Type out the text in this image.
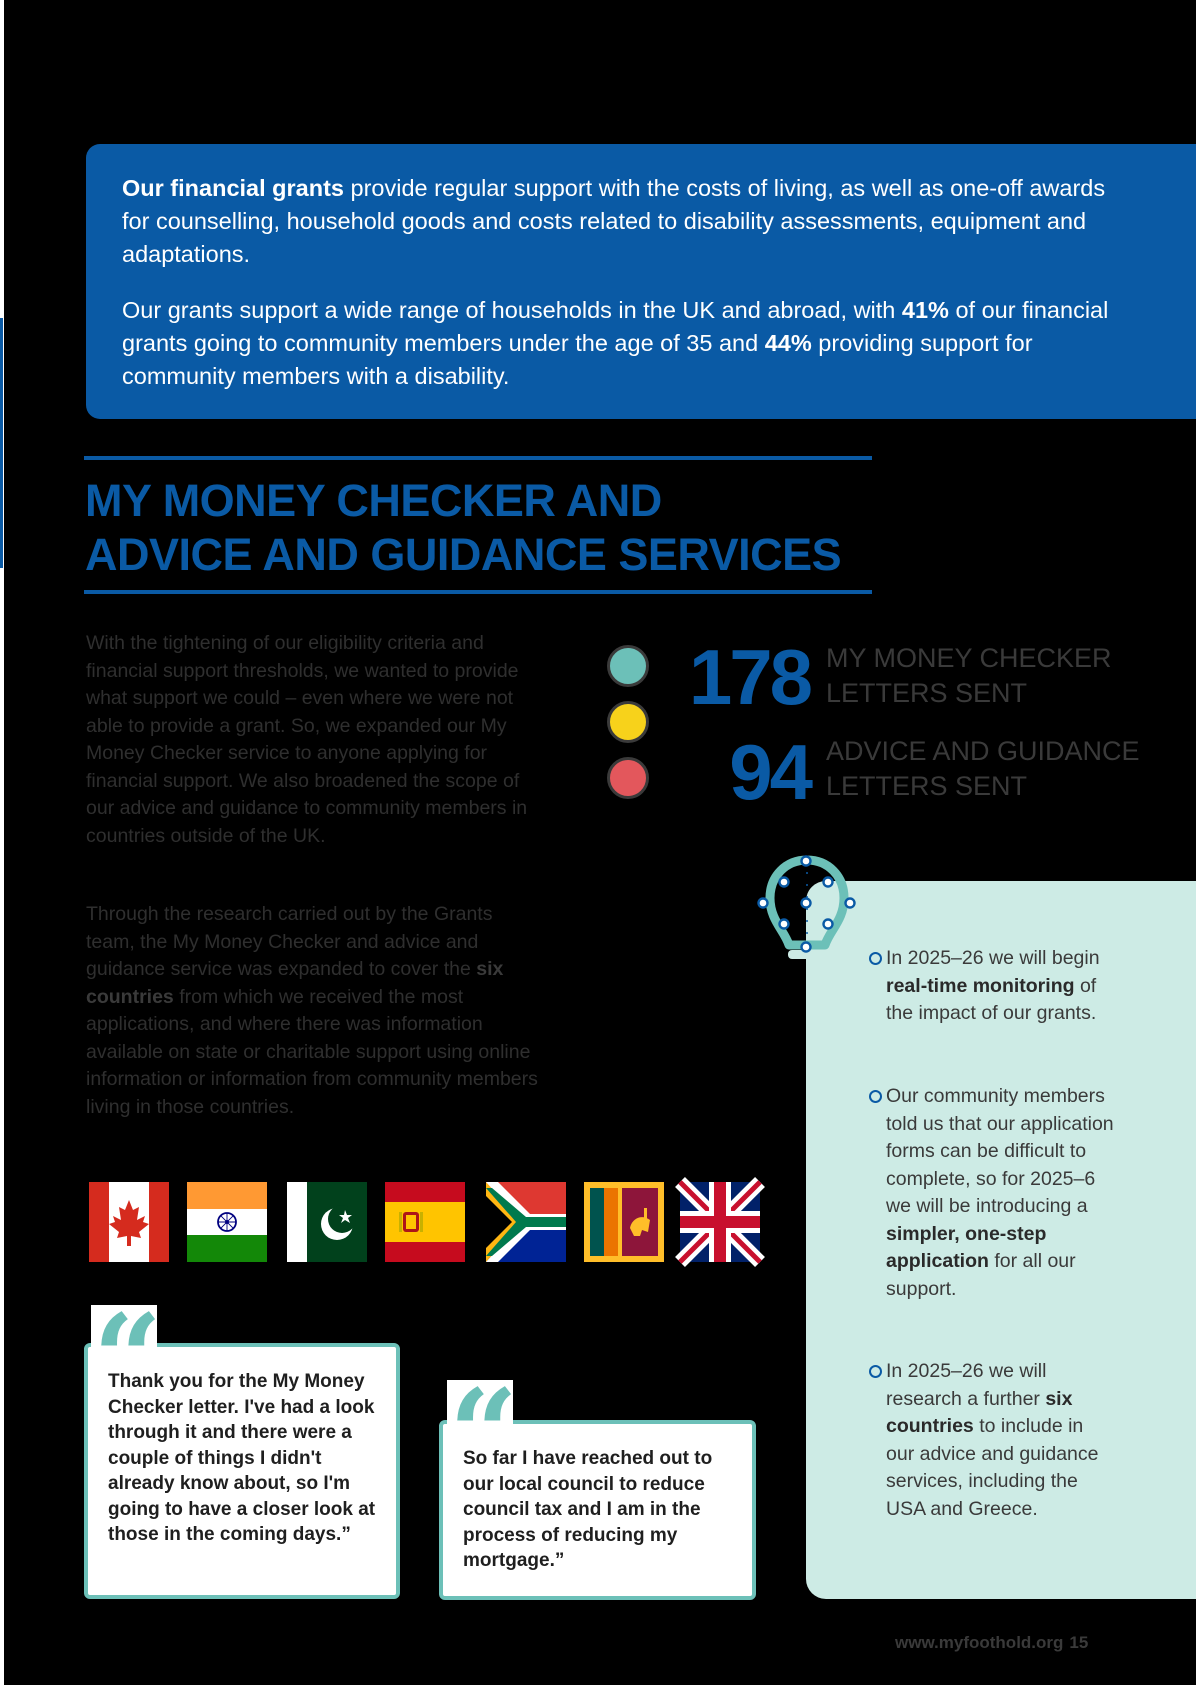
Our financial grants provide regular support with the costs of living, as well as one-off awards for counselling, household goods and costs related to disability assessments, equipment and adaptations.

Our grants support a wide range of households in the UK and abroad, with 41% of our financial grants going to community members under the age of 35 and 44% providing support for community members with a disability.

MY MONEY CHECKER AND
ADVICE AND GUIDANCE SERVICES
With the tightening of our eligibility criteria and financial support thresholds, we wanted to provide what support we could – even where we were not able to provide a grant. So, we expanded our My Money Checker service to anyone applying for financial support. We also broadened the scope of our advice and guidance to community members in countries outside of the UK.
Through the research carried out by the Grants team, the My Money Checker and advice and guidance service was expanded to cover the six countries from which we received the most applications, and where there was information available on state or charitable support using online information or information from community members living in those countries.
178 MY MONEY CHECKER
LETTERS SENT
94 ADVICE AND GUIDANCE
LETTERS SENT
Thank you for the My Money Checker letter. I've had a look through it and there were a couple of things I didn't already know about, so I'm going to have a closer look at those in the coming days.”
“
So far I have reached out to our local council to reduce council tax and I am in the process of reducing my mortgage.”
“
In 2025–26 we will begin real-time monitoring of the impact of our grants.
Our community members told us that our application forms can be difficult to complete, so for 2025–6 we will be introducing a simpler, one-step application for all our support.
In 2025–26 we will research a further six countries to include in our advice and guidance services, including the USA and Greece.
www.myfoothold.org 15
